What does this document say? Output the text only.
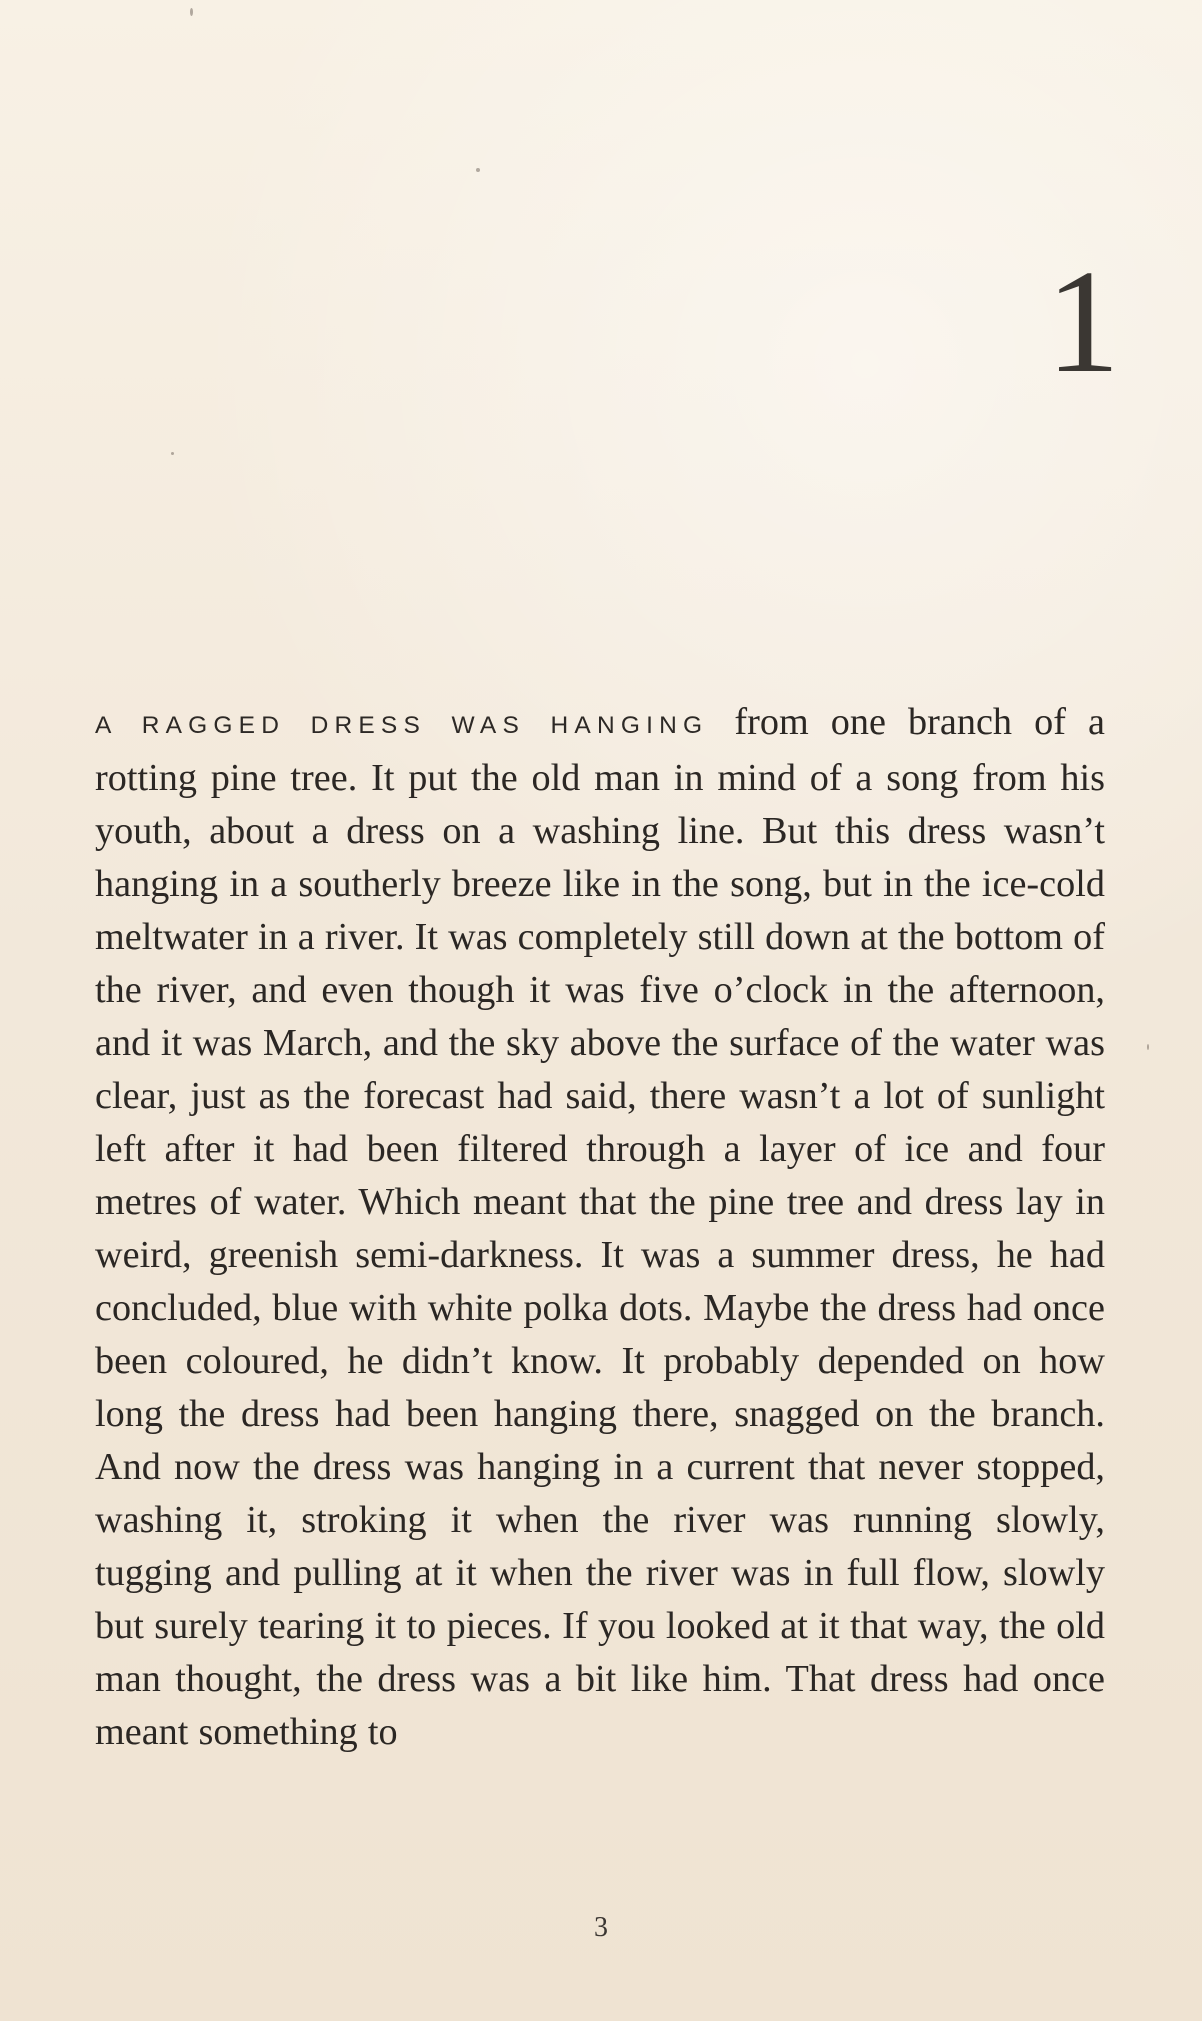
1

A RAGGED DRESS WAS HANGING from one branch of a rotting pine tree. It put the old man in mind of a song from his youth, about a dress on a washing line. But this dress wasn’t hanging in a southerly breeze like in the song, but in the ice-cold meltwater in a river. It was completely still down at the bottom of the river, and even though it was five o’clock in the afternoon, and it was March, and the sky above the surface of the water was clear, just as the forecast had said, there wasn’t a lot of sunlight left after it had been filtered through a layer of ice and four metres of water. Which meant that the pine tree and dress lay in weird, greenish semi-darkness. It was a summer dress, he had concluded, blue with white polka dots. Maybe the dress had once been coloured, he didn’t know. It probably depended on how long the dress had been hanging there, snagged on the branch. And now the dress was hanging in a current that never stopped, washing it, stroking it when the river was running slowly, tugging and pulling at it when the river was in full flow, slowly but surely tearing it to pieces. If you looked at it that way, the old man thought, the dress was a bit like him. That dress had once meant something to

3
